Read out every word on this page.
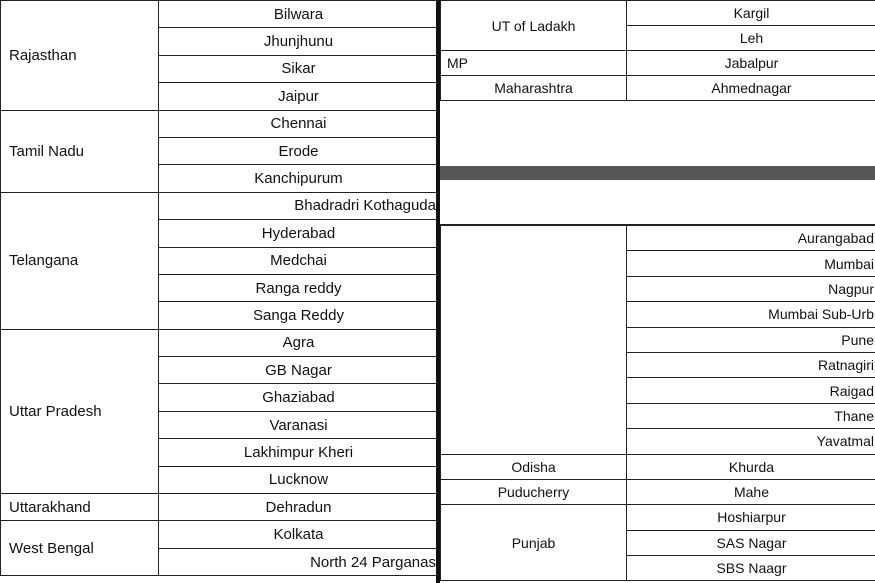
Rajasthan	Bilwara
	Jhunjhunu
	Sikar
	Jaipur
Tamil Nadu	Chennai
	Erode
	Kanchipurum
Telangana	Bhadradri Kothaguda
	Hyderabad
	Medchai
	Ranga reddy
	Sanga Reddy
Uttar Pradesh	Agra
	GB Nagar
	Ghaziabad
	Varanasi
	Lakhimpur Kheri
	Lucknow
Uttarakhand	Dehradun
West Bengal	Kolkata
	North 24 Parganas
UT of Ladakh	Kargil
	Leh
MP	Jabalpur
Maharashtra	Ahmednagar
	Aurangabad
	Mumbai
	Nagpur
	Mumbai Sub-Urb
	Pune
	Ratnagiri
	Raigad
	Thane
	Yavatmal
Odisha	Khurda
Puducherry	Mahe
Punjab	Hoshiarpur
	SAS Nagar
	SBS Naagr
